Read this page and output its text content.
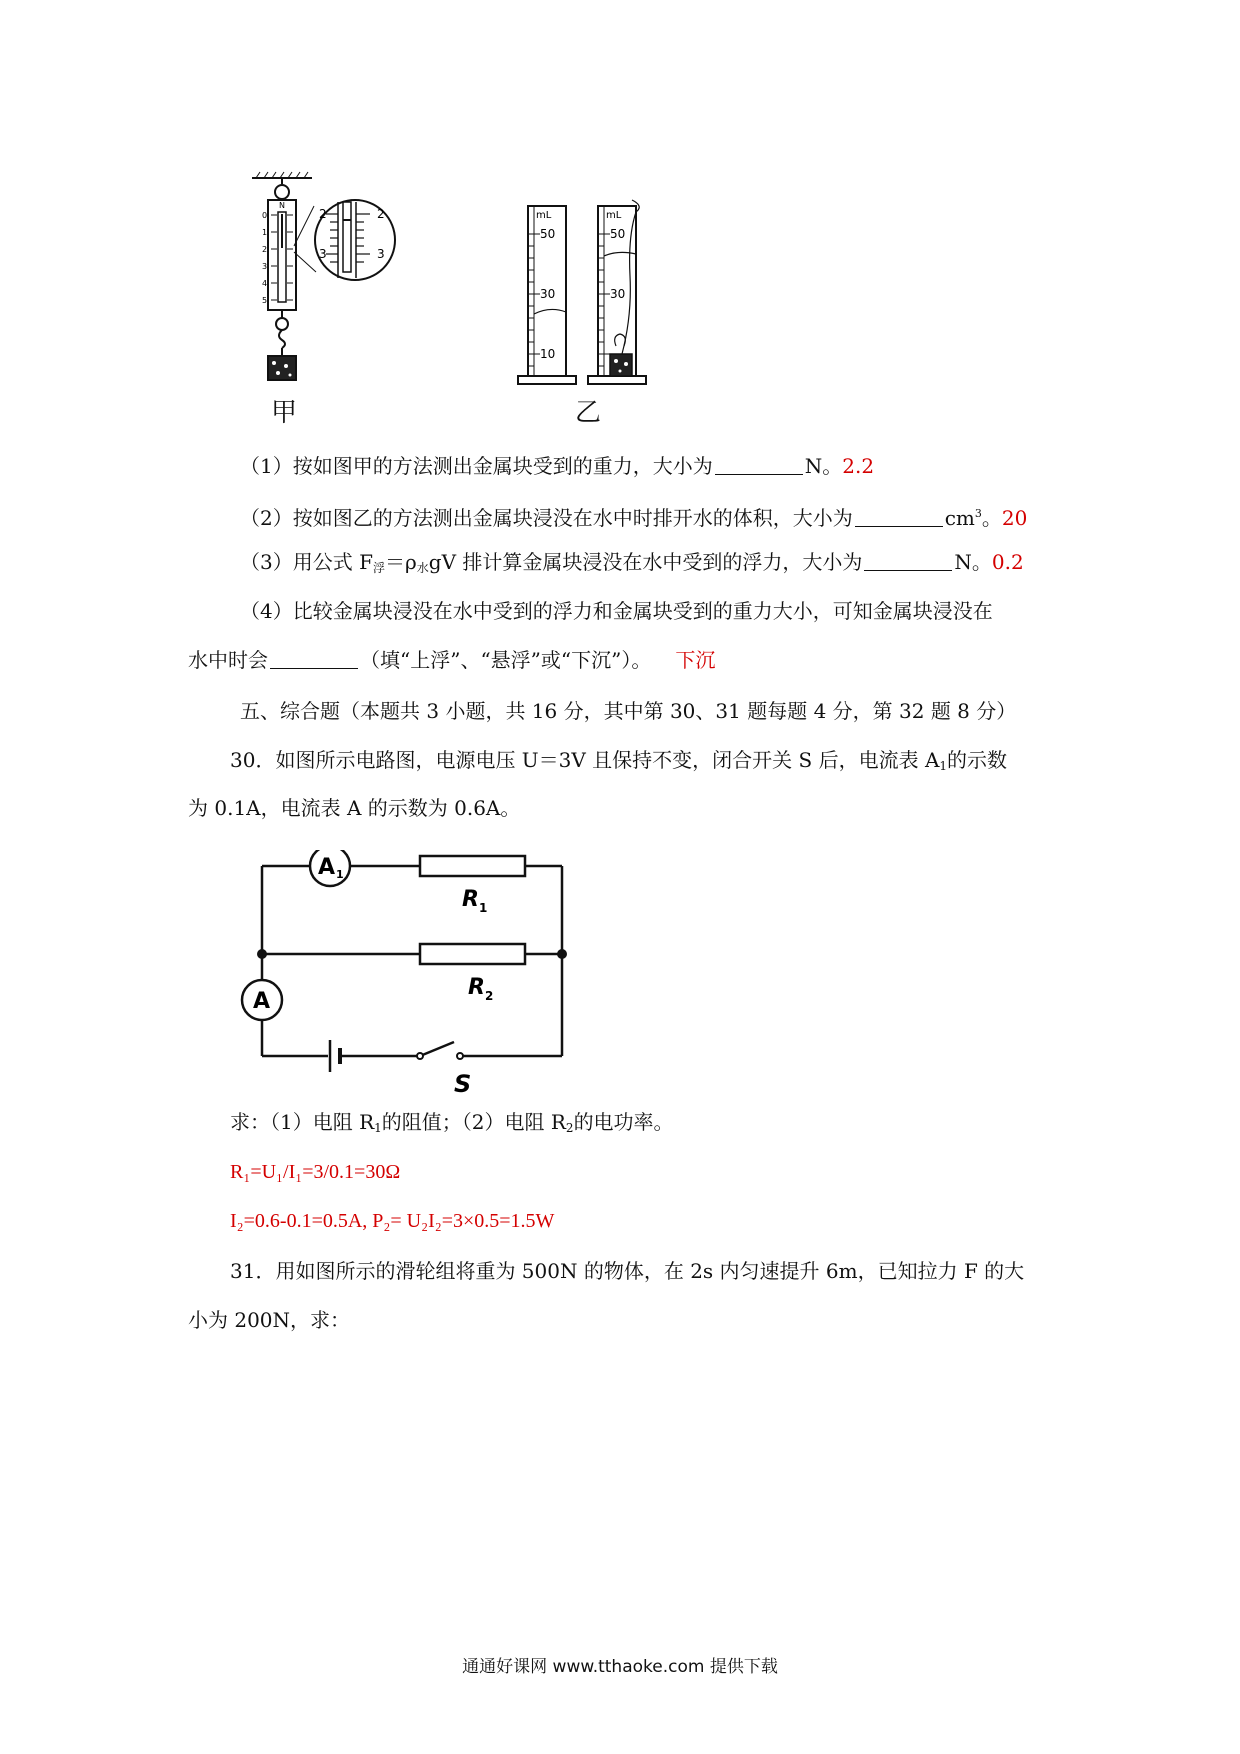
N
0
1
2
3
4
5
2	2
3	3
甲
mL
50
30
10
mL
50
30
乙
（1）按如图甲的方法测出金属块受到的重力，大小为	N。2.2
（2）按如图乙的方法测出金属块浸没在水中时排开水的体积，大小为	$cm^3$。20
（3）用公式 F浮＝ρ水gV 排计算金属块浸没在水中受到的浮力，大小为	N。0.2
（4）比较金属块浸没在水中受到的浮力和金属块受到的重力大小，可知金属块浸没在
水中时会	（填“上浮”、“悬浮”或“下沉”）。 下沉
五、综合题（本题共 3 小题，共 16 分，其中第 30、31 题每题 4 分，第 32 题 8 分）
30．如图所示电路图，电源电压 U＝3V 且保持不变，闭合开关 S 后，电流表 A1的示数
为 0.1A，电流表 A 的示数为 0.6A。
A 1
A
R 1
R 2
S
求：（1）电阻 R1的阻值；（2）电阻 R2的电功率。
R₁=U₁/I₁=3/0.1=30Ω
I₂=0.6-0.1=0.5A, P₂= U₂I₂=3×0.5=1.5W
31．用如图所示的滑轮组将重为 500N 的物体，在 2s 内匀速提升 6m，已知拉力 F 的大
小为 200N，求：
通通好课网 www.tthaoke.com 提供下载
